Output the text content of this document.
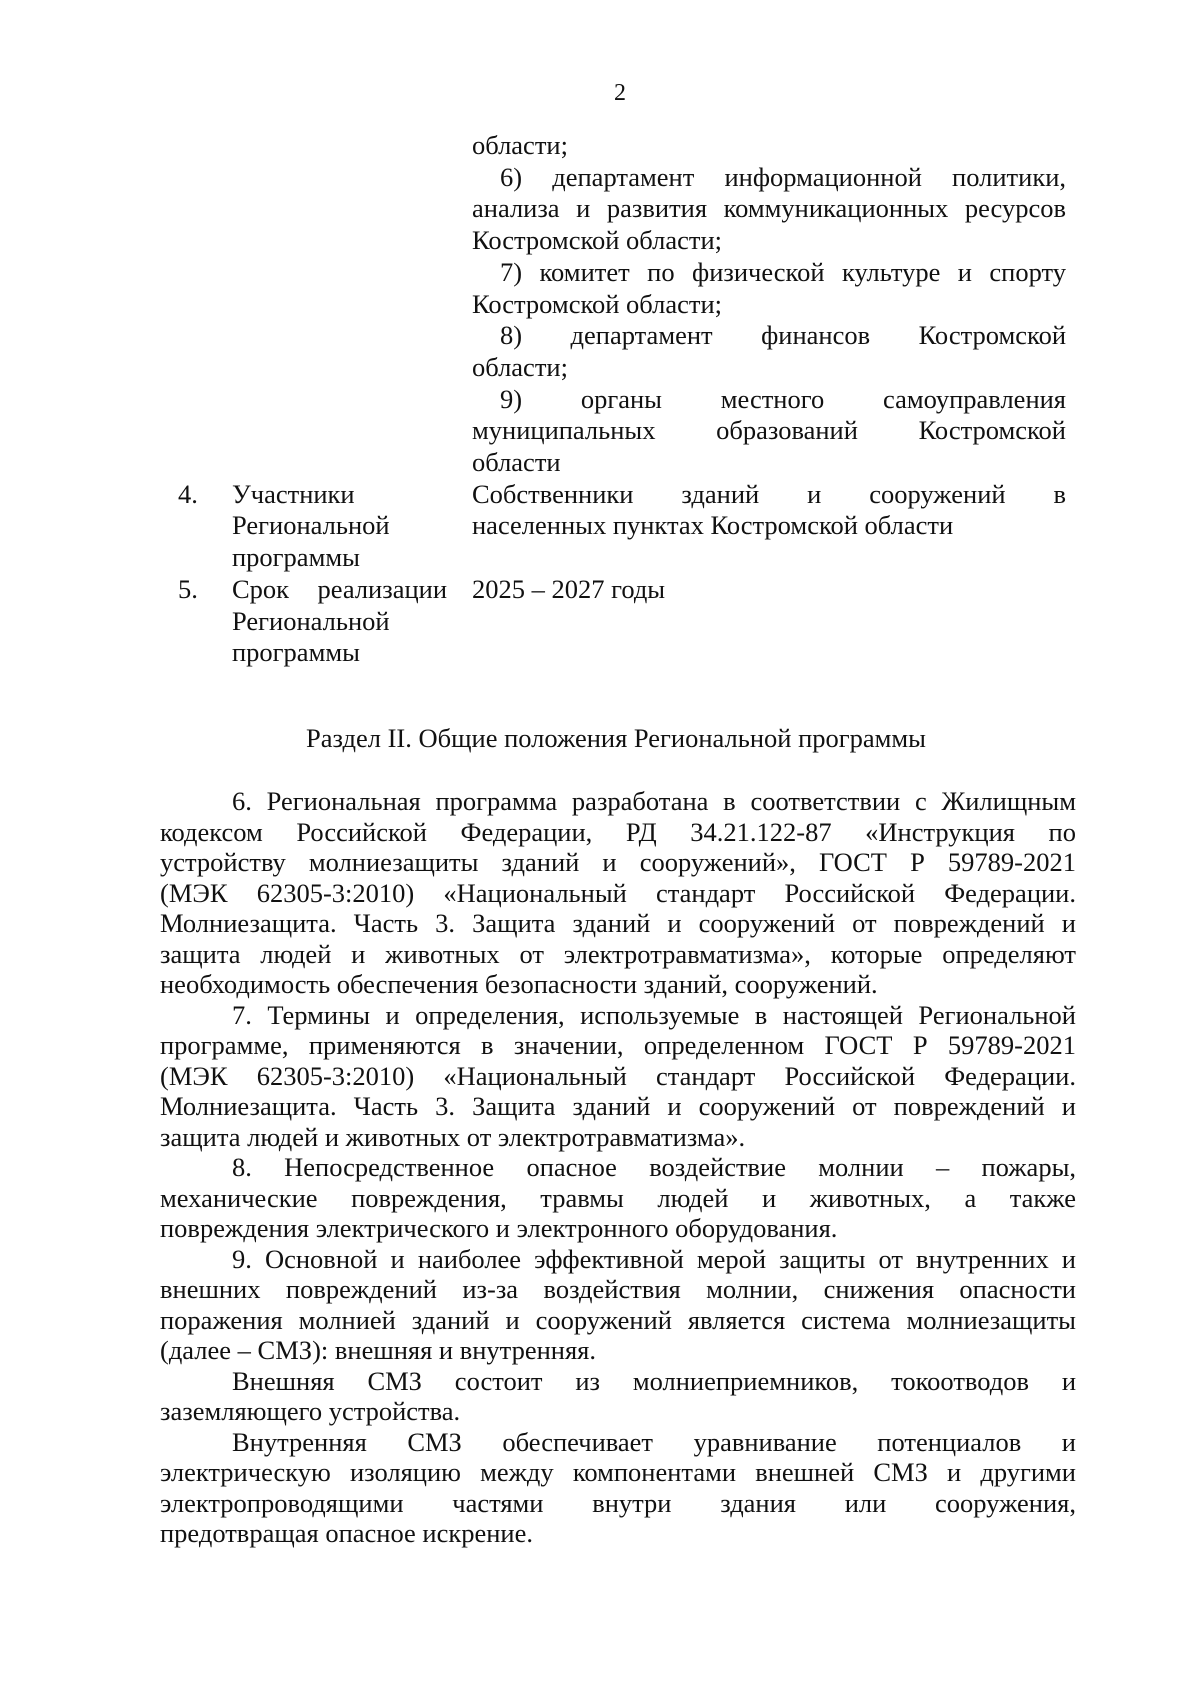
2
области;
6) департамент информационной политики,
анализа и развития коммуникационных ресурсов
Костромской области;
7) комитет по физической культуре и спорту
Костромской области;
8) департамент финансов Костромской
области;
9) органы местного самоуправления
муниципальных образований Костромской
области
4.	Участники
Региональной
программы
Собственники зданий и сооружений в
населенных пунктах Костромской области
5.	Срок реализации
Региональной
программы
2025 – 2027 годы
Раздел II. Общие положения Региональной программы
6. Региональная программа разработана в соответствии с Жилищным
кодексом Российской Федерации, РД 34.21.122-87 «Инструкция по
устройству молниезащиты зданий и сооружений», ГОСТ Р 59789-2021
(МЭК 62305-3:2010) «Национальный стандарт Российской Федерации.
Молниезащита. Часть 3. Защита зданий и сооружений от повреждений и
защита людей и животных от электротравматизма», которые определяют
необходимость обеспечения безопасности зданий, сооружений.
7. Термины и определения, используемые в настоящей Региональной
программе, применяются в значении, определенном ГОСТ Р 59789-2021
(МЭК 62305-3:2010) «Национальный стандарт Российской Федерации.
Молниезащита. Часть 3. Защита зданий и сооружений от повреждений и
защита людей и животных от электротравматизма».
8. Непосредственное опасное воздействие молнии – пожары,
механические повреждения, травмы людей и животных, а также
повреждения электрического и электронного оборудования.
9. Основной и наиболее эффективной мерой защиты от внутренних и
внешних повреждений из-за воздействия молнии, снижения опасности
поражения молнией зданий и сооружений является система молниезащиты
(далее – СМЗ): внешняя и внутренняя.
Внешняя СМЗ состоит из молниеприемников, токоотводов и
заземляющего устройства.
Внутренняя СМЗ обеспечивает уравнивание потенциалов и
электрическую изоляцию между компонентами внешней СМЗ и другими
электропроводящими частями внутри здания или сооружения,
предотвращая опасное искрение.
